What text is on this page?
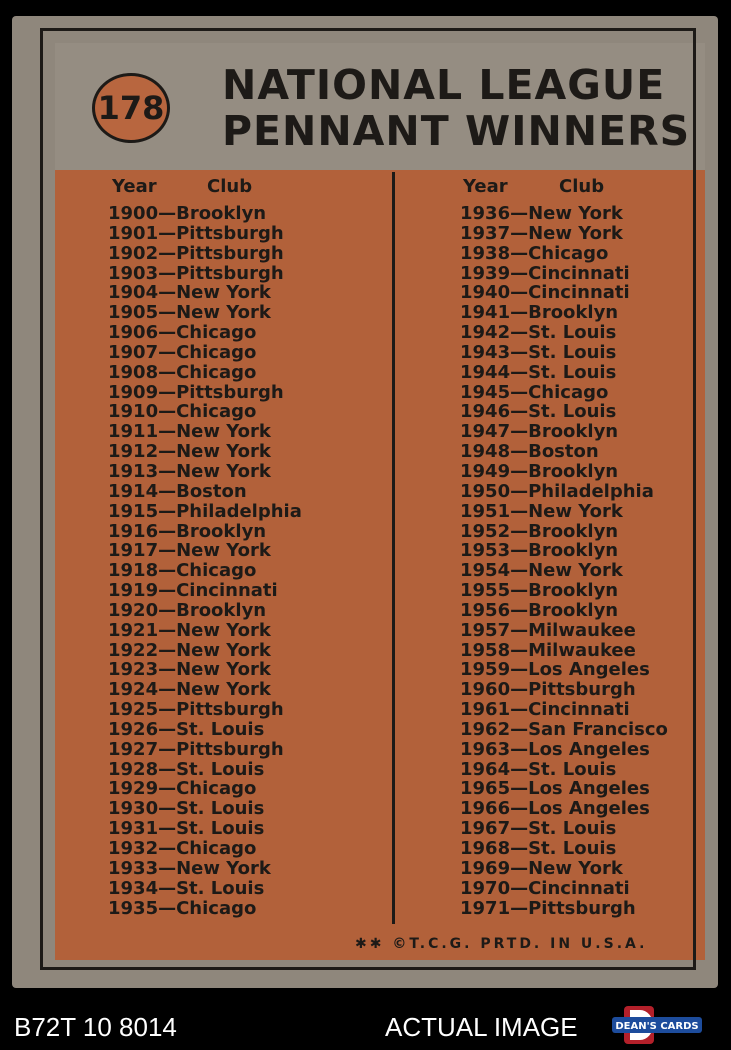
178 NATIONAL LEAGUE
PENNANT WINNERS
Year	Club	Year	Club
1900—Brooklyn
1901—Pittsburgh
1902—Pittsburgh
1903—Pittsburgh
1904—New York
1905—New York
1906—Chicago
1907—Chicago
1908—Chicago
1909—Pittsburgh
1910—Chicago
1911—New York
1912—New York
1913—New York
1914—Boston
1915—Philadelphia
1916—Brooklyn
1917—New York
1918—Chicago
1919—Cincinnati
1920—Brooklyn
1921—New York
1922—New York
1923—New York
1924—New York
1925—Pittsburgh
1926—St. Louis
1927—Pittsburgh
1928—St. Louis
1929—Chicago
1930—St. Louis
1931—St. Louis
1932—Chicago
1933—New York
1934—St. Louis
1935—Chicago
1936—New York
1937—New York
1938—Chicago
1939—Cincinnati
1940—Cincinnati
1941—Brooklyn
1942—St. Louis
1943—St. Louis
1944—St. Louis
1945—Chicago
1946—St. Louis
1947—Brooklyn
1948—Boston
1949—Brooklyn
1950—Philadelphia
1951—New York
1952—Brooklyn
1953—Brooklyn
1954—New York
1955—Brooklyn
1956—Brooklyn
1957—Milwaukee
1958—Milwaukee
1959—Los Angeles
1960—Pittsburgh
1961—Cincinnati
1962—San Francisco
1963—Los Angeles
1964—St. Louis
1965—Los Angeles
1966—Los Angeles
1967—St. Louis
1968—St. Louis
1969—New York
1970—Cincinnati
1971—Pittsburgh
✱✱ ©T.C.G. PRTD. IN U.S.A.
B72T 10 8014	ACTUAL IMAGE	DEAN'S CARDS
